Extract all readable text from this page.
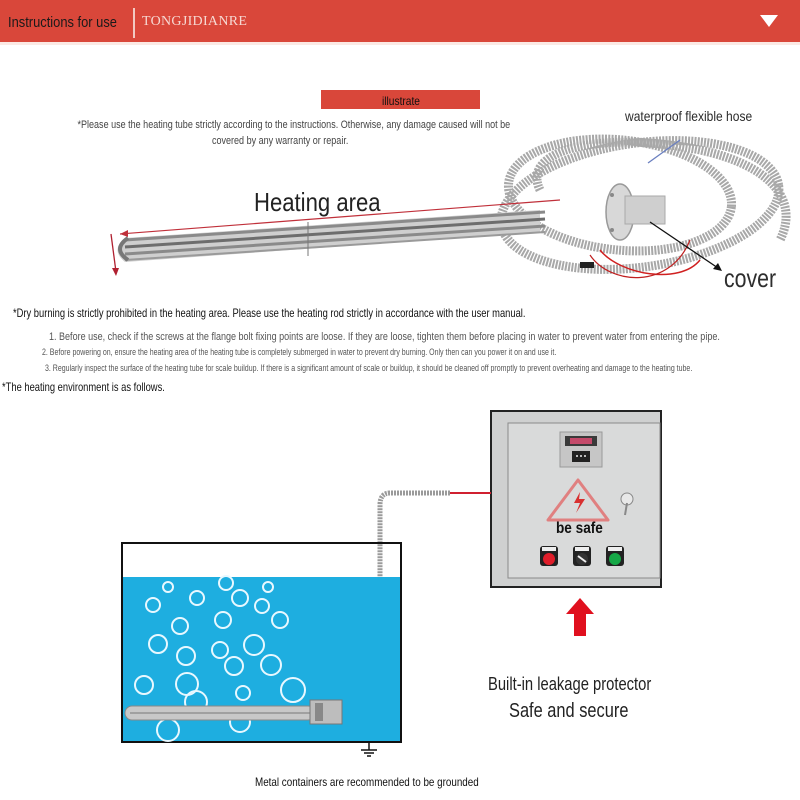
Instructions for use TONGJIDIANRE
illustrate
*Please use the heating tube strictly according to the instructions. Otherwise, any damage caused will not be
covered by any warranty or repair.
Heating area
waterproof flexible hose
cover
*Dry burning is strictly prohibited in the heating area. Please use the heating rod strictly in accordance with the user manual.
1. Before use, check if the screws at the flange bolt fixing points are loose. If they are loose, tighten them before placing in water to prevent water from entering the pipe.
2. Before powering on, ensure the heating area of the heating tube is completely submerged in water to prevent dry burning. Only then can you power it on and use it.
3. Regularly inspect the surface of the heating tube for scale buildup. If there is a significant amount of scale or buildup, it should be cleaned off promptly to prevent overheating and damage to the heating tube.
*The heating environment is as follows.
be safe
Built-in leakage protector
Safe and secure
Metal containers are recommended to be grounded
